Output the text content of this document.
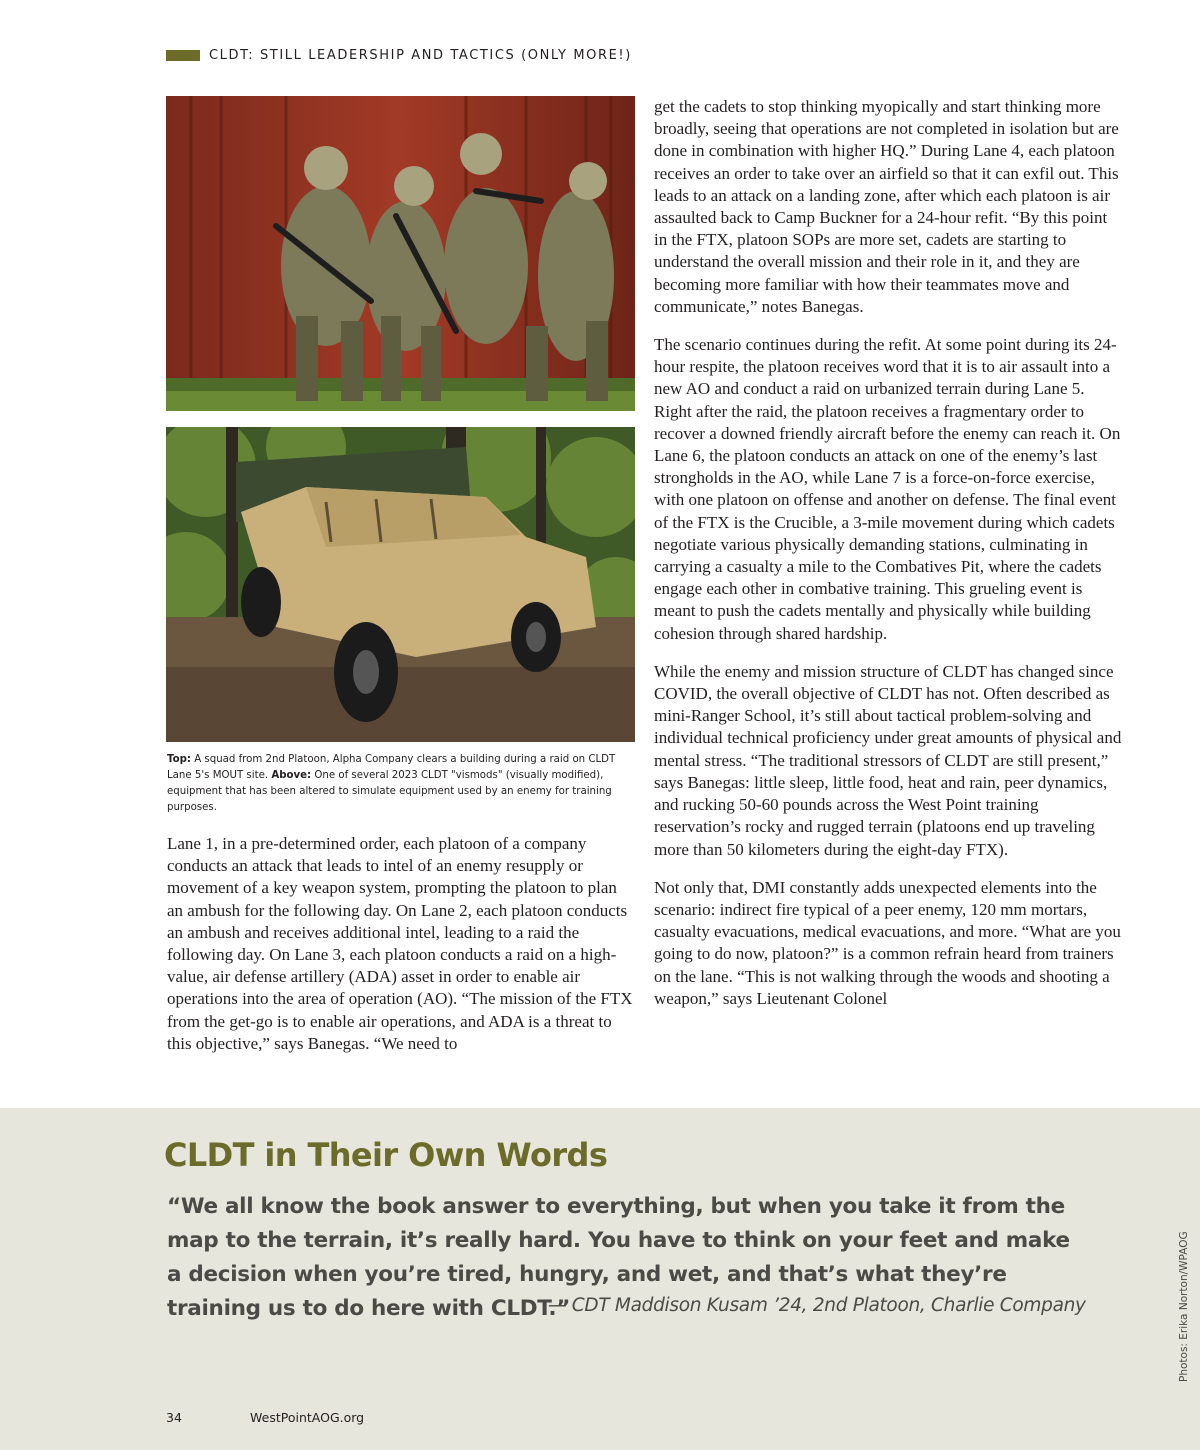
CLDT: STILL LEADERSHIP AND TACTICS (ONLY MORE!)
Top: A squad from 2nd Platoon, Alpha Company clears a building during a raid on CLDT Lane 5's MOUT site. Above: One of several 2023 CLDT "vismods" (visually modified), equipment that has been altered to simulate equipment used by an enemy for training purposes.

Lane 1, in a pre-determined order, each platoon of a company conducts an attack that leads to intel of an enemy resupply or movement of a key weapon system, prompting the platoon to plan an ambush for the following day. On Lane 2, each platoon conducts an ambush and receives additional intel, leading to a raid the following day. On Lane 3, each platoon conducts a raid on a high-value, air defense artillery (ADA) asset in order to enable air operations into the area of operation (AO). “The mission of the FTX from the get-go is to enable air operations, and ADA is a threat to this objective,” says Banegas. “We need to

get the cadets to stop thinking myopically and start thinking more broadly, seeing that operations are not completed in isolation but are done in combination with higher HQ.” During Lane 4, each platoon receives an order to take over an airfield so that it can exfil out. This leads to an attack on a landing zone, after which each platoon is air assaulted back to Camp Buckner for a 24-hour refit. “By this point in the FTX, platoon SOPs are more set, cadets are starting to understand the overall mission and their role in it, and they are becoming more familiar with how their teammates move and communicate,” notes Banegas.

The scenario continues during the refit. At some point during its 24-hour respite, the platoon receives word that it is to air assault into a new AO and conduct a raid on urbanized terrain during Lane 5. Right after the raid, the platoon receives a fragmentary order to recover a downed friendly aircraft before the enemy can reach it. On Lane 6, the platoon conducts an attack on one of the enemy’s last strongholds in the AO, while Lane 7 is a force-on-force exercise, with one platoon on offense and another on defense. The final event of the FTX is the Crucible, a 3-mile movement during which cadets negotiate various physically demanding stations, culminating in carrying a casualty a mile to the Combatives Pit, where the cadets engage each other in combative training. This grueling event is meant to push the cadets mentally and physically while building cohesion through shared hardship.

While the enemy and mission structure of CLDT has changed since COVID, the overall objective of CLDT has not. Often described as mini-Ranger School, it’s still about tactical problem-solving and individual technical proficiency under great amounts of physical and mental stress. “The traditional stressors of CLDT are still present,” says Banegas: little sleep, little food, heat and rain, peer dynamics, and rucking 50-60 pounds across the West Point training reservation’s rocky and rugged terrain (platoons end up traveling more than 50 kilometers during the eight-day FTX).

Not only that, DMI constantly adds unexpected elements into the scenario: indirect fire typical of a peer enemy, 120 mm mortars, casualty evacuations, medical evacuations, and more. “What are you going to do now, platoon?” is a common refrain heard from trainers on the lane. “This is not walking through the woods and shooting a weapon,” says Lieutenant Colonel

CLDT in Their Own Words
“We all know the book answer to everything, but when you take it from the map to the terrain, it’s really hard. You have to think on your feet and make a decision when you’re tired, hungry, and wet, and that’s what they’re training us to do here with CLDT.”
— CDT Maddison Kusam ’24, 2nd Platoon, Charlie Company	Photos: Erika Norton/WPAOG
34	WestPointAOG.org
